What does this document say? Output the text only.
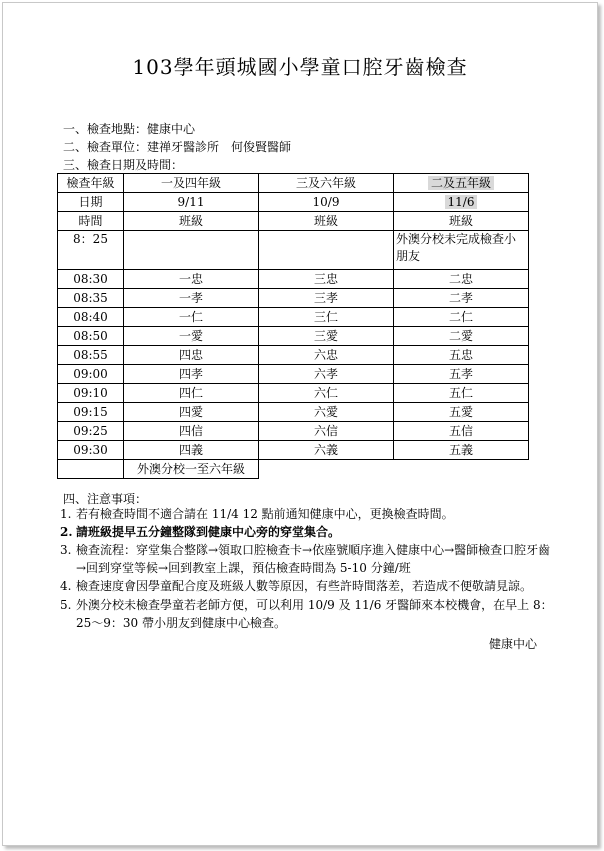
103學年頭城國小學童口腔牙齒檢查
一、檢查地點：健康中心
二、檢查單位：建禅牙醫診所　何俊賢醫師
三、檢查日期及時間：
檢查年級	一及四年級	三及六年級	二及五年級
日期	9/11	10/9	11/6
時間	班級	班級	班級
8：25			外澳分校未完成檢查小朋友
08:30	一忠	三忠	二忠
08:35	一孝	三孝	二孝
08:40	一仁	三仁	二仁
08:50	一愛	三愛	二愛
08:55	四忠	六忠	五忠
09:00	四孝	六孝	五孝
09:10	四仁	六仁	五仁
09:15	四愛	六愛	五愛
09:25	四信	六信	五信
09:30	四義	六義	五義
	外澳分校一至六年級		
四、注意事項：
1. 若有檢查時間不適合請在 11/4 12 點前通知健康中心，更換檢查時間。
2. 請班級提早五分鐘整隊到健康中心旁的穿堂集合。
3. 檢查流程：穿堂集合整隊→領取口腔檢查卡→依座號順序進入健康中心→醫師檢查口腔牙齒→回到穿堂等候→回到教室上課，預估檢查時間為 5-10 分鐘/班
4. 檢查速度會因學童配合度及班級人數等原因，有些許時間落差，若造成不便敬請見諒。
5. 外澳分校未檢查學童若老師方便，可以利用 10/9 及 11/6 牙醫師來本校機會，在早上 8：25～9：30 帶小朋友到健康中心檢查。
健康中心
